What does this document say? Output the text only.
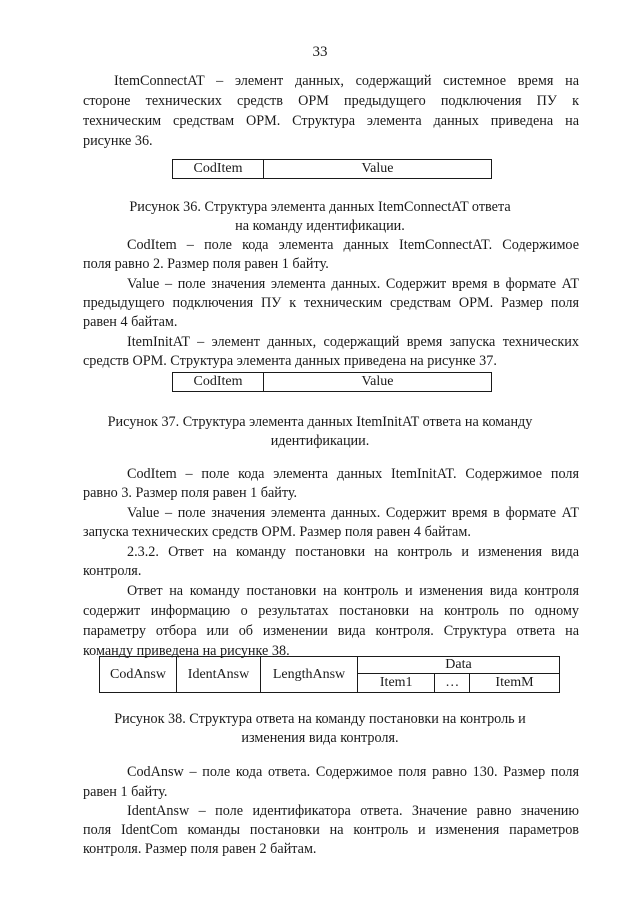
33
ItemConnectAT – элемент данных, содержащий системное время на
стороне технических средств ОРМ предыдущего подключения ПУ к
техническим средствам ОРМ. Структура элемента данных приведена на
рисунке 36.
CodItem	Value
Рисунок 36. Структура элемента данных ItemConnectAT ответа
на команду идентификации.
CodItem – поле кода элемента данных ItemConnectAT. Содержимое
поля равно 2. Размер поля равен 1 байту.
Value – поле значения элемента данных. Содержит время в формате AT
предыдущего подключения ПУ к техническим средствам ОРМ. Размер поля
равен 4 байтам.
ItemInitAT – элемент данных, содержащий время запуска технических
средств ОРМ. Структура элемента данных приведена на рисунке 37.
CodItem	Value
Рисунок 37. Структура элемента данных ItemInitAT ответа на команду
идентификации.
CodItem – поле кода элемента данных ItemInitAT. Содержимое поля
равно 3. Размер поля равен 1 байту.
Value – поле значения элемента данных. Содержит время в формате AT
запуска технических средств ОРМ. Размер поля равен 4 байтам.
2.3.2. Ответ на команду постановки на контроль и изменения вида
контроля.
Ответ на команду постановки на контроль и изменения вида контроля
содержит информацию о результатах постановки на контроль по одному
параметру отбора или об изменении вида контроля. Структура ответа на
команду приведена на рисунке 38.
CodAnsw	IdentAnsw	LengthAnsw	Data		
			Item1	…	ItemM
Рисунок 38. Структура ответа на команду постановки на контроль и
изменения вида контроля.
CodAnsw – поле кода ответа. Содержимое поля равно 130. Размер поля
равен 1 байту.
IdentAnsw – поле идентификатора ответа. Значение равно значению
поля IdentCom команды постановки на контроль и изменения параметров
контроля. Размер поля равен 2 байтам.
